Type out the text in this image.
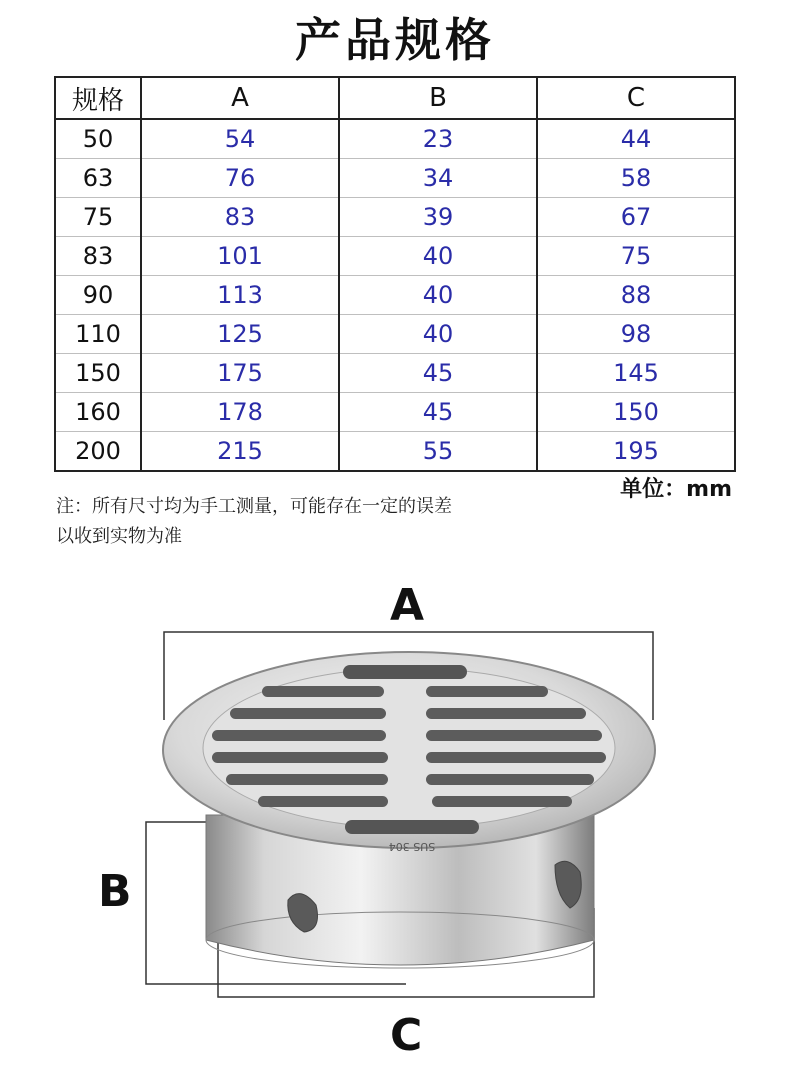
产品规格
规格	A	B	C
50	54	23	44
63	76	34	58
75	83	39	67
83	101	40	75
90	113	40	88
110	125	40	98
150	175	45	145
160	178	45	150
200	215	55	195
单位：mm
注：所有尺寸均为手工测量，可能存在一定的误差
以收到实物为准
A
B
C
SUS 304
